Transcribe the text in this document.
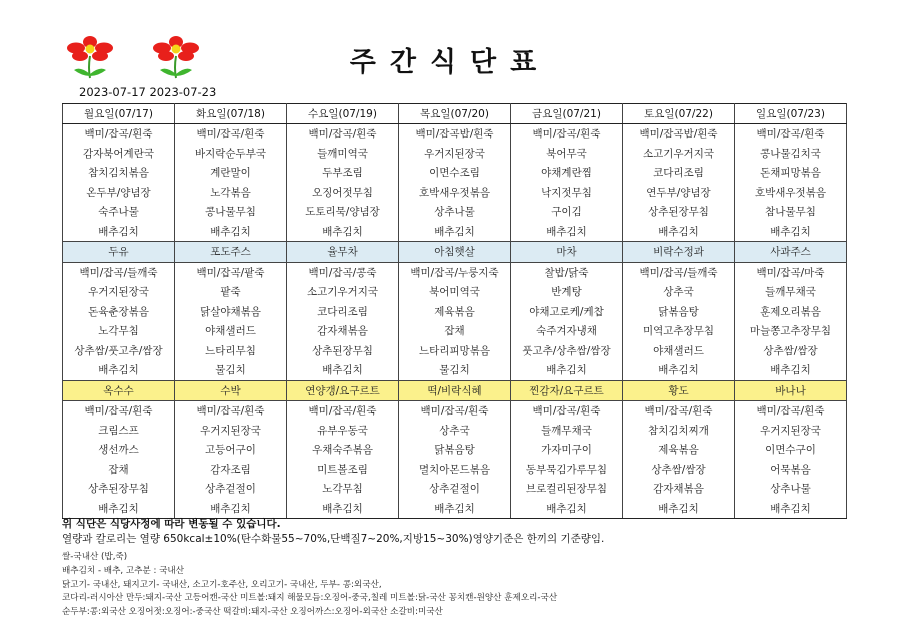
주간식단표
2023-07-17 2023-07-23
월요일(07/17)	화요일(07/18)	수요일(07/19)	목요일(07/20)	금요일(07/21)	토요일(07/22)	일요일(07/23)
백미/잡곡/흰죽	백미/잡곡/흰죽	백미/잡곡/흰죽	백미/잡곡밥/흰죽	백미/잡곡/흰죽	백미/잡곡밥/흰죽	백미/잡곡/흰죽
감자북어계란국	바지락순두부국	들깨미역국	우거지된장국	북어무국	소고기우거지국	콩나물김치국
참치김치볶음	계란말이	두부조림	이면수조림	야채계란찜	코다리조림	돈채피망볶음
온두부/양념장	노각볶음	오징어젓무침	호박새우젓볶음	낙지젓무침	연두부/양념장	호박새우젓볶음
숙주나물	콩나물무침	도토리묵/양념장	상추나물	구이김	상추된장무침	참나물무침
배추김치	배추김치	배추김치	배추김치	배추김치	배추김치	배추김치
두유	포도주스	율무차	아침햇살	마차	비락수정과	사과주스
백미/잡곡/들깨죽	백미/잡곡/팥죽	백미/잡곡/콩죽	백미/잡곡/누룽지죽	찰밥/닭죽	백미/잡곡/들깨죽	백미/잡곡/마죽
우거지된장국	팥죽	소고기우거지국	북어미역국	반계탕	상추국	들깨무채국
돈육춘장볶음	닭살야채볶음	코다리조림	제육볶음	야채고로케/케찹	닭볶음탕	훈제오리볶음
노각무침	야채샐러드	감자채볶음	잡채	숙주겨자냉채	미역고추장무침	마늘쫑고추장무침
상추쌈/풋고추/쌈장	느타리무침	상추된장무침	느타리피망볶음	풋고추/상추쌈/쌈장	야채샐러드	상추쌈/쌈장
배추김치	물김치	배추김치	물김치	배추김치	배추김치	배추김치
옥수수	수박	연양갱/요구르트	떡/비락식혜	찐감자/요구르트	황도	바나나
백미/잡곡/흰죽	백미/잡곡/흰죽	백미/잡곡/흰죽	백미/잡곡/흰죽	백미/잡곡/흰죽	백미/잡곡/흰죽	백미/잡곡/흰죽
크림스프	우거지된장국	유부우동국	상추국	들깨무채국	참치김치찌개	우거지된장국
생선까스	고등어구이	우채숙주볶음	닭볶음탕	가자미구이	제육볶음	이면수구이
잡채	감자조림	미트볼조림	멸치아몬드볶음	동부묵김가루무침	상추쌈/쌈장	어묵볶음
상추된장무침	상추겉절이	노각무침	상추겉절이	브로컬리된장무침	감자채볶음	상추나물
배추김치	배추김치	배추김치	배추김치	배추김치	배추김치	배추김치
위 식단은 식당사정에 따라 변동될 수 있습니다.
열량과 칼로리는 열량 650kcal±10%(탄수화물55~70%,단백질7~20%,지방15~30%)영양기준은 한끼의 기준량임.
쌀-국내산 (밥,죽)
배추김치 - 배추, 고추분 : 국내산
닭고기- 국내산, 돼지고기- 국내산, 소고기-호주산, 오리고기- 국내산, 두부- 콩:외국산,
코다리-러시아산 만두:돼지-국산 고등어캔-국산 미트볼:돼지 해물모듬:오징어-중국,칠레 미트볼:닭-국산 꽁치캔-원양산 훈제오리-국산
순두부:콩:외국산 오징어젓:오징어:-중국산 떡갈비:돼지-국산 오징어까스:오징어-외국산 소갈비:미국산
